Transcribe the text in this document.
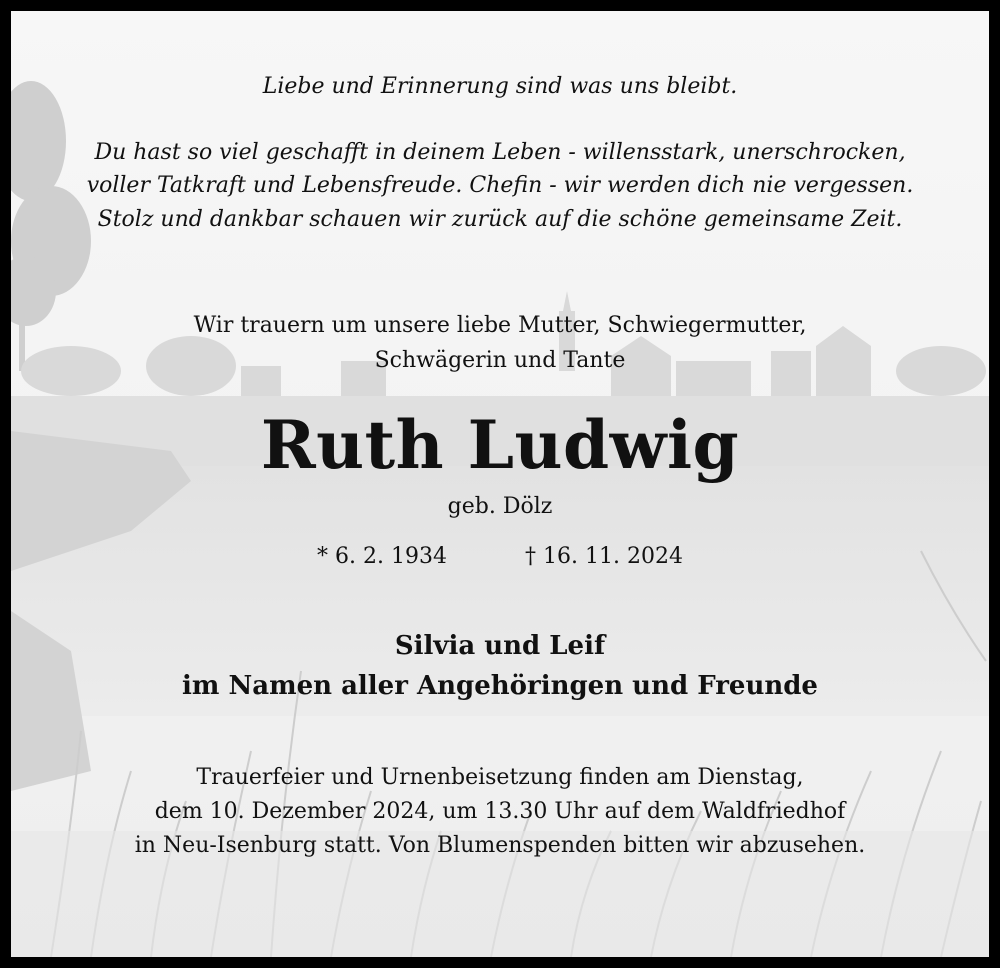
Liebe und Erinnerung sind was uns bleibt.
Du hast so viel geschafft in deinem Leben - willensstark, unerschrocken,
voller Tatkraft und Lebensfreude. Chefin - wir werden dich nie vergessen.
Stolz und dankbar schauen wir zurück auf die schöne gemeinsame Zeit.
Wir trauern um unsere liebe Mutter, Schwiegermutter,
Schwägerin und Tante
Ruth Ludwig
geb. Dölz
* 6. 2. 1934	† 16. 11. 2024
Silvia und Leif
im Namen aller Angehöringen und Freunde
Trauerfeier und Urnenbeisetzung finden am Dienstag,
dem 10. Dezember 2024, um 13.30 Uhr auf dem Waldfriedhof
in Neu-Isenburg statt. Von Blumenspenden bitten wir abzusehen.
